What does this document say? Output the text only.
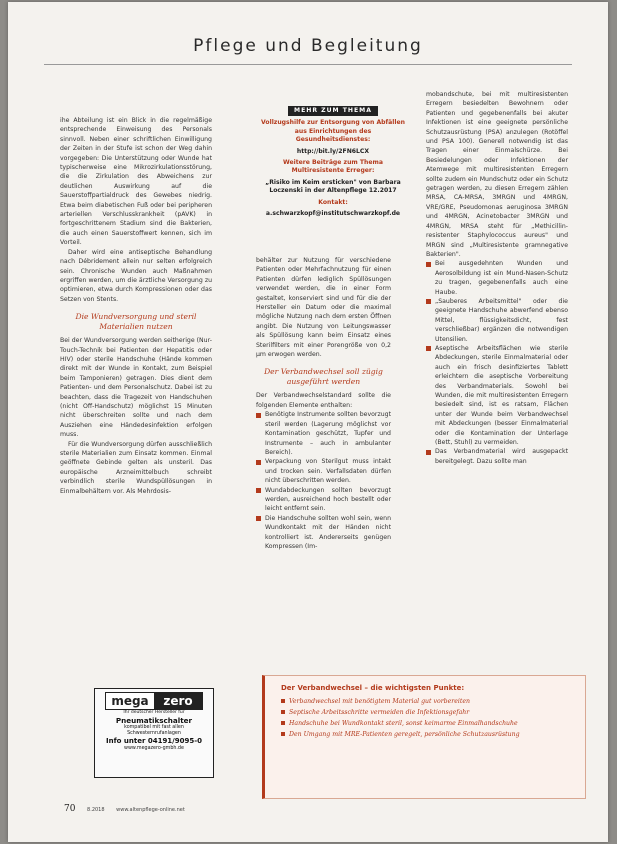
Pflege und Begleitung

ihe Abteilung ist ein Blick in die regelmäßige entsprechende Einweisung des Personals sinnvoll. Neben einer schriftlichen Einwilligung der Zeiten in der Stufe ist schon der Weg dahin vorgegeben: Die Unterstützung oder Wunde hat typischerweise eine Mikrozirkulationsstörung, die die Zirkulation des Abweichens zur deutlichen Auswirkung auf die Sauerstoffpartialdruck des Gewebes niedrig. Etwa beim diabetischen Fuß oder bei peripheren arteriellen Verschlusskrankheit (pAVK) in fortgeschrittenem Stadium sind die Bakterien, die auch einen Sauerstoffwert kennen, sich im Vorteil.

Daher wird eine antiseptische Behandlung nach Débridement allein nur selten erfolgreich sein. Chronische Wunden auch Maßnahmen ergriffen werden, um die ärztliche Versorgung zu optimieren, etwa durch Kompressionen oder das Setzen von Stents.

Die Wundversorgung und steril Materialien nutzen

Bei der Wundversorgung werden seitherige (Nur-Touch-Technik bei Patienten der Hepatitis oder HIV) oder sterile Handschuhe (Hände kommen direkt mit der Wunde in Kontakt, zum Beispiel beim Tamponieren) getragen. Dies dient dem Patienten- und dem Personalschutz. Dabei ist zu beachten, dass die Tragezeit von Handschuhen (nicht Off-Handschutz) möglichst 15 Minuten nicht überschreiten sollte und nach dem Ausziehen eine Händedesinfektion erfolgen muss.

Für die Wundversorgung dürfen ausschließlich sterile Materialien zum Einsatz kommen. Einmal geöffnete Gebinde gelten als unsteril. Das europäische Arzneimittelbuch schreibt verbindlich sterile Wundspüllösungen in Einmalbehältern vor. Als Mehrdosis-

MEHR ZUM THEMA

Vollzugshilfe zur Entsorgung von Abfällen aus Einrichtungen des Gesundheitsdienstes:

http://bit.ly/2FN6LCX

Weitere Beiträge zum Thema Multiresistente Erreger:

„Risiko im Keim ersticken" von Barbara Loczenski in der Altenpflege 12.2017

Kontakt:

a.schwarzkopf@institutschwarzkopf.de

behälter zur Nutzung für verschiedene Patienten oder Mehrfachnutzung für einen Patienten dürfen lediglich Spüllösungen verwendet werden, die in einer Form gestaltet, konserviert sind und für die der Hersteller ein Datum oder die maximal mögliche Nutzung nach dem ersten Öffnen angibt. Die Nutzung von Leitungswasser als Spüllösung kann beim Einsatz eines Sterilfilters mit einer Porengröße von 0,2 µm erwogen werden.

Der Verbandwechsel soll zügig ausgeführt werden

Der Verbandwechselstandard sollte die folgenden Elemente enthalten:

Benötigte Instrumente sollten bevorzugt steril werden (Lagerung möglichst vor Kontamination geschützt, Tupfer und Instrumente – auch in ambulanter Bereich).
Verpackung von Sterilgut muss intakt und trocken sein. Verfallsdaten dürfen nicht überschritten werden.
Wundabdeckungen sollten bevorzugt werden, ausreichend hoch bestellt oder leicht entfernt sein.
Die Handschuhe sollten wohl sein, wenn Wundkontakt mit der Händen nicht kontrolliert ist. Andererseits genügen Kompressen (Im-

mobandschute, bei mit multiresistenten Erregern besiedelten Bewohnern oder Patienten und gegebenenfalls bei akuter Infektionen ist eine geeignete persönliche Schutzausrüstung (PSA) anzulegen (Rotöffel und PSA 100). Generell notwendig ist das Tragen einer Einmalschürze. Bei Besiedelungen oder Infektionen der Atemwege mit multiresistenten Erregern sollte zudem ein Mundschutz oder ein Schutz getragen werden, zu diesen Erregern zählen MRSA, CA-MRSA, 3MRGN und 4MRGN, VRE/GRE, Pseudomonas aeruginosa 3MRGN und 4MRGN, Acinetobacter 3MRGN und 4MRGN, MRSA steht für „Methicillin-resistenter Staphylococcus aureus" und MRGN sind „Multiresistente gramnegative Bakterien".

Bei ausgedehnten Wunden und Aerosolbildung ist ein Mund-Nasen-Schutz zu tragen, gegebenenfalls auch eine Haube.
„Sauberes Arbeitsmittel" oder die geeignete Handschuhe abwerfend ebenso Mittel, flüssigkeitsdicht, fest verschließbar) ergänzen die notwendigen Utensilien.
Aseptische Arbeitsflächen wie sterile Abdeckungen, sterile Einmalmaterial oder auch ein frisch desinfiziertes Tablett erleichtern die aseptische Vorbereitung des Verbandmaterials. Sowohl bei Wunden, die mit multiresistenten Erregern besiedelt sind, ist es ratsam, Flächen unter der Wunde beim Verbandwechsel mit Abdeckungen (besser Einmalmaterial oder die Kontamination der Unterlage (Bett, Stuhl) zu vermeiden.
Das Verbandmaterial wird ausgepackt bereitgelegt. Dazu sollte man
mega	zero
Ihr deutscher Hersteller für
Pneumatikschalter
kompatibel mit fast allen
Schwesternrufanlagen
Info unter 04191/9095-0
www.megazero-gmbh.de
Der Verbandwechsel – die wichtigsten Punkte:
Verbandwechsel mit benötigtem Material gut vorbereiten
Septische Arbeitsschritte vermeiden die Infektionsgefahr
Handschuhe bei Wundkontakt steril, sonst keimarme Einmalhandschuhe
Den Umgang mit MRE-Patienten geregelt, persönliche Schutzausrüstung
70 8.2018 www.altenpflege-online.net
